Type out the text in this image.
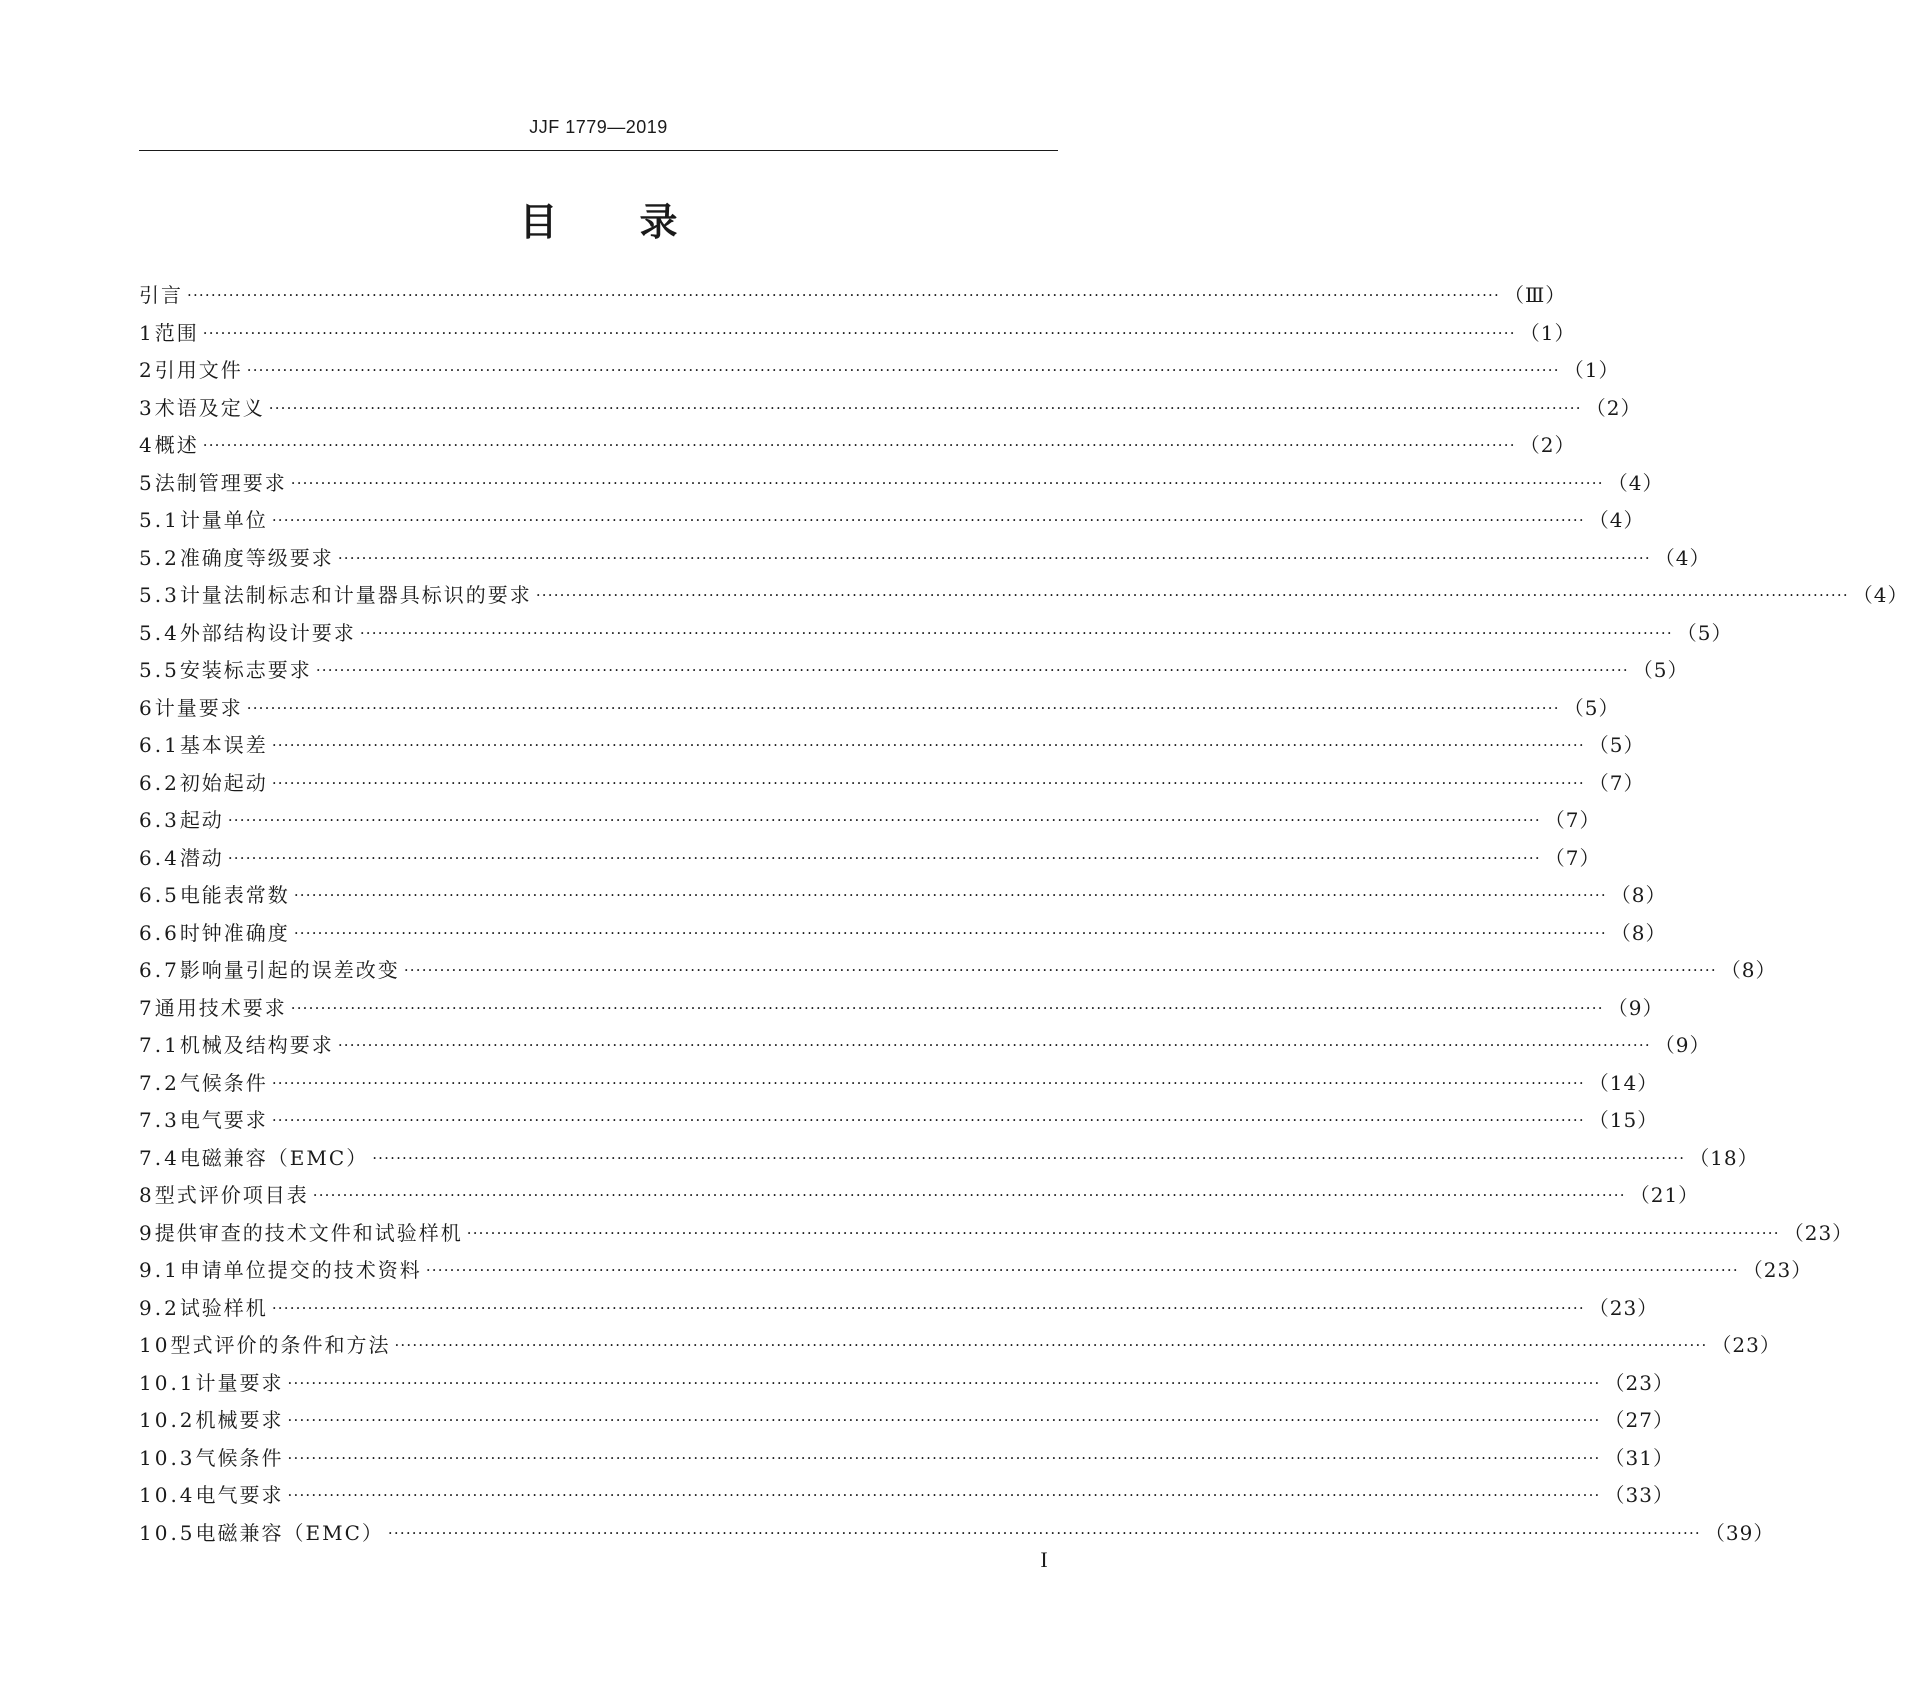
JJF 1779—2019
目录
引言 ···························································································································································································································· （Ⅲ）
1 范围 ···························································································································································································································· （1）
2 引用文件 ···························································································································································································································· （1）
3 术语及定义 ···························································································································································································································· （2）
4 概述 ···························································································································································································································· （2）
5 法制管理要求 ···························································································································································································································· （4）
5.1 计量单位 ···························································································································································································································· （4）
5.2 准确度等级要求 ···························································································································································································································· （4）
5.3 计量法制标志和计量器具标识的要求 ···························································································································································································································· （4）
5.4 外部结构设计要求 ···························································································································································································································· （5）
5.5 安装标志要求 ···························································································································································································································· （5）
6 计量要求 ···························································································································································································································· （5）
6.1 基本误差 ···························································································································································································································· （5）
6.2 初始起动 ···························································································································································································································· （7）
6.3 起动 ···························································································································································································································· （7）
6.4 潜动 ···························································································································································································································· （7）
6.5 电能表常数 ···························································································································································································································· （8）
6.6 时钟准确度 ···························································································································································································································· （8）
6.7 影响量引起的误差改变 ···························································································································································································································· （8）
7 通用技术要求 ···························································································································································································································· （9）
7.1 机械及结构要求 ···························································································································································································································· （9）
7.2 气候条件 ···························································································································································································································· （14）
7.3 电气要求 ···························································································································································································································· （15）
7.4 电磁兼容（EMC） ···························································································································································································································· （18）
8 型式评价项目表 ···························································································································································································································· （21）
9 提供审查的技术文件和试验样机 ···························································································································································································································· （23）
9.1 申请单位提交的技术资料 ···························································································································································································································· （23）
9.2 试验样机 ···························································································································································································································· （23）
10 型式评价的条件和方法 ···························································································································································································································· （23）
10.1 计量要求 ···························································································································································································································· （23）
10.2 机械要求 ···························································································································································································································· （27）
10.3 气候条件 ···························································································································································································································· （31）
10.4 电气要求 ···························································································································································································································· （33）
10.5 电磁兼容（EMC） ···························································································································································································································· （39）
I
